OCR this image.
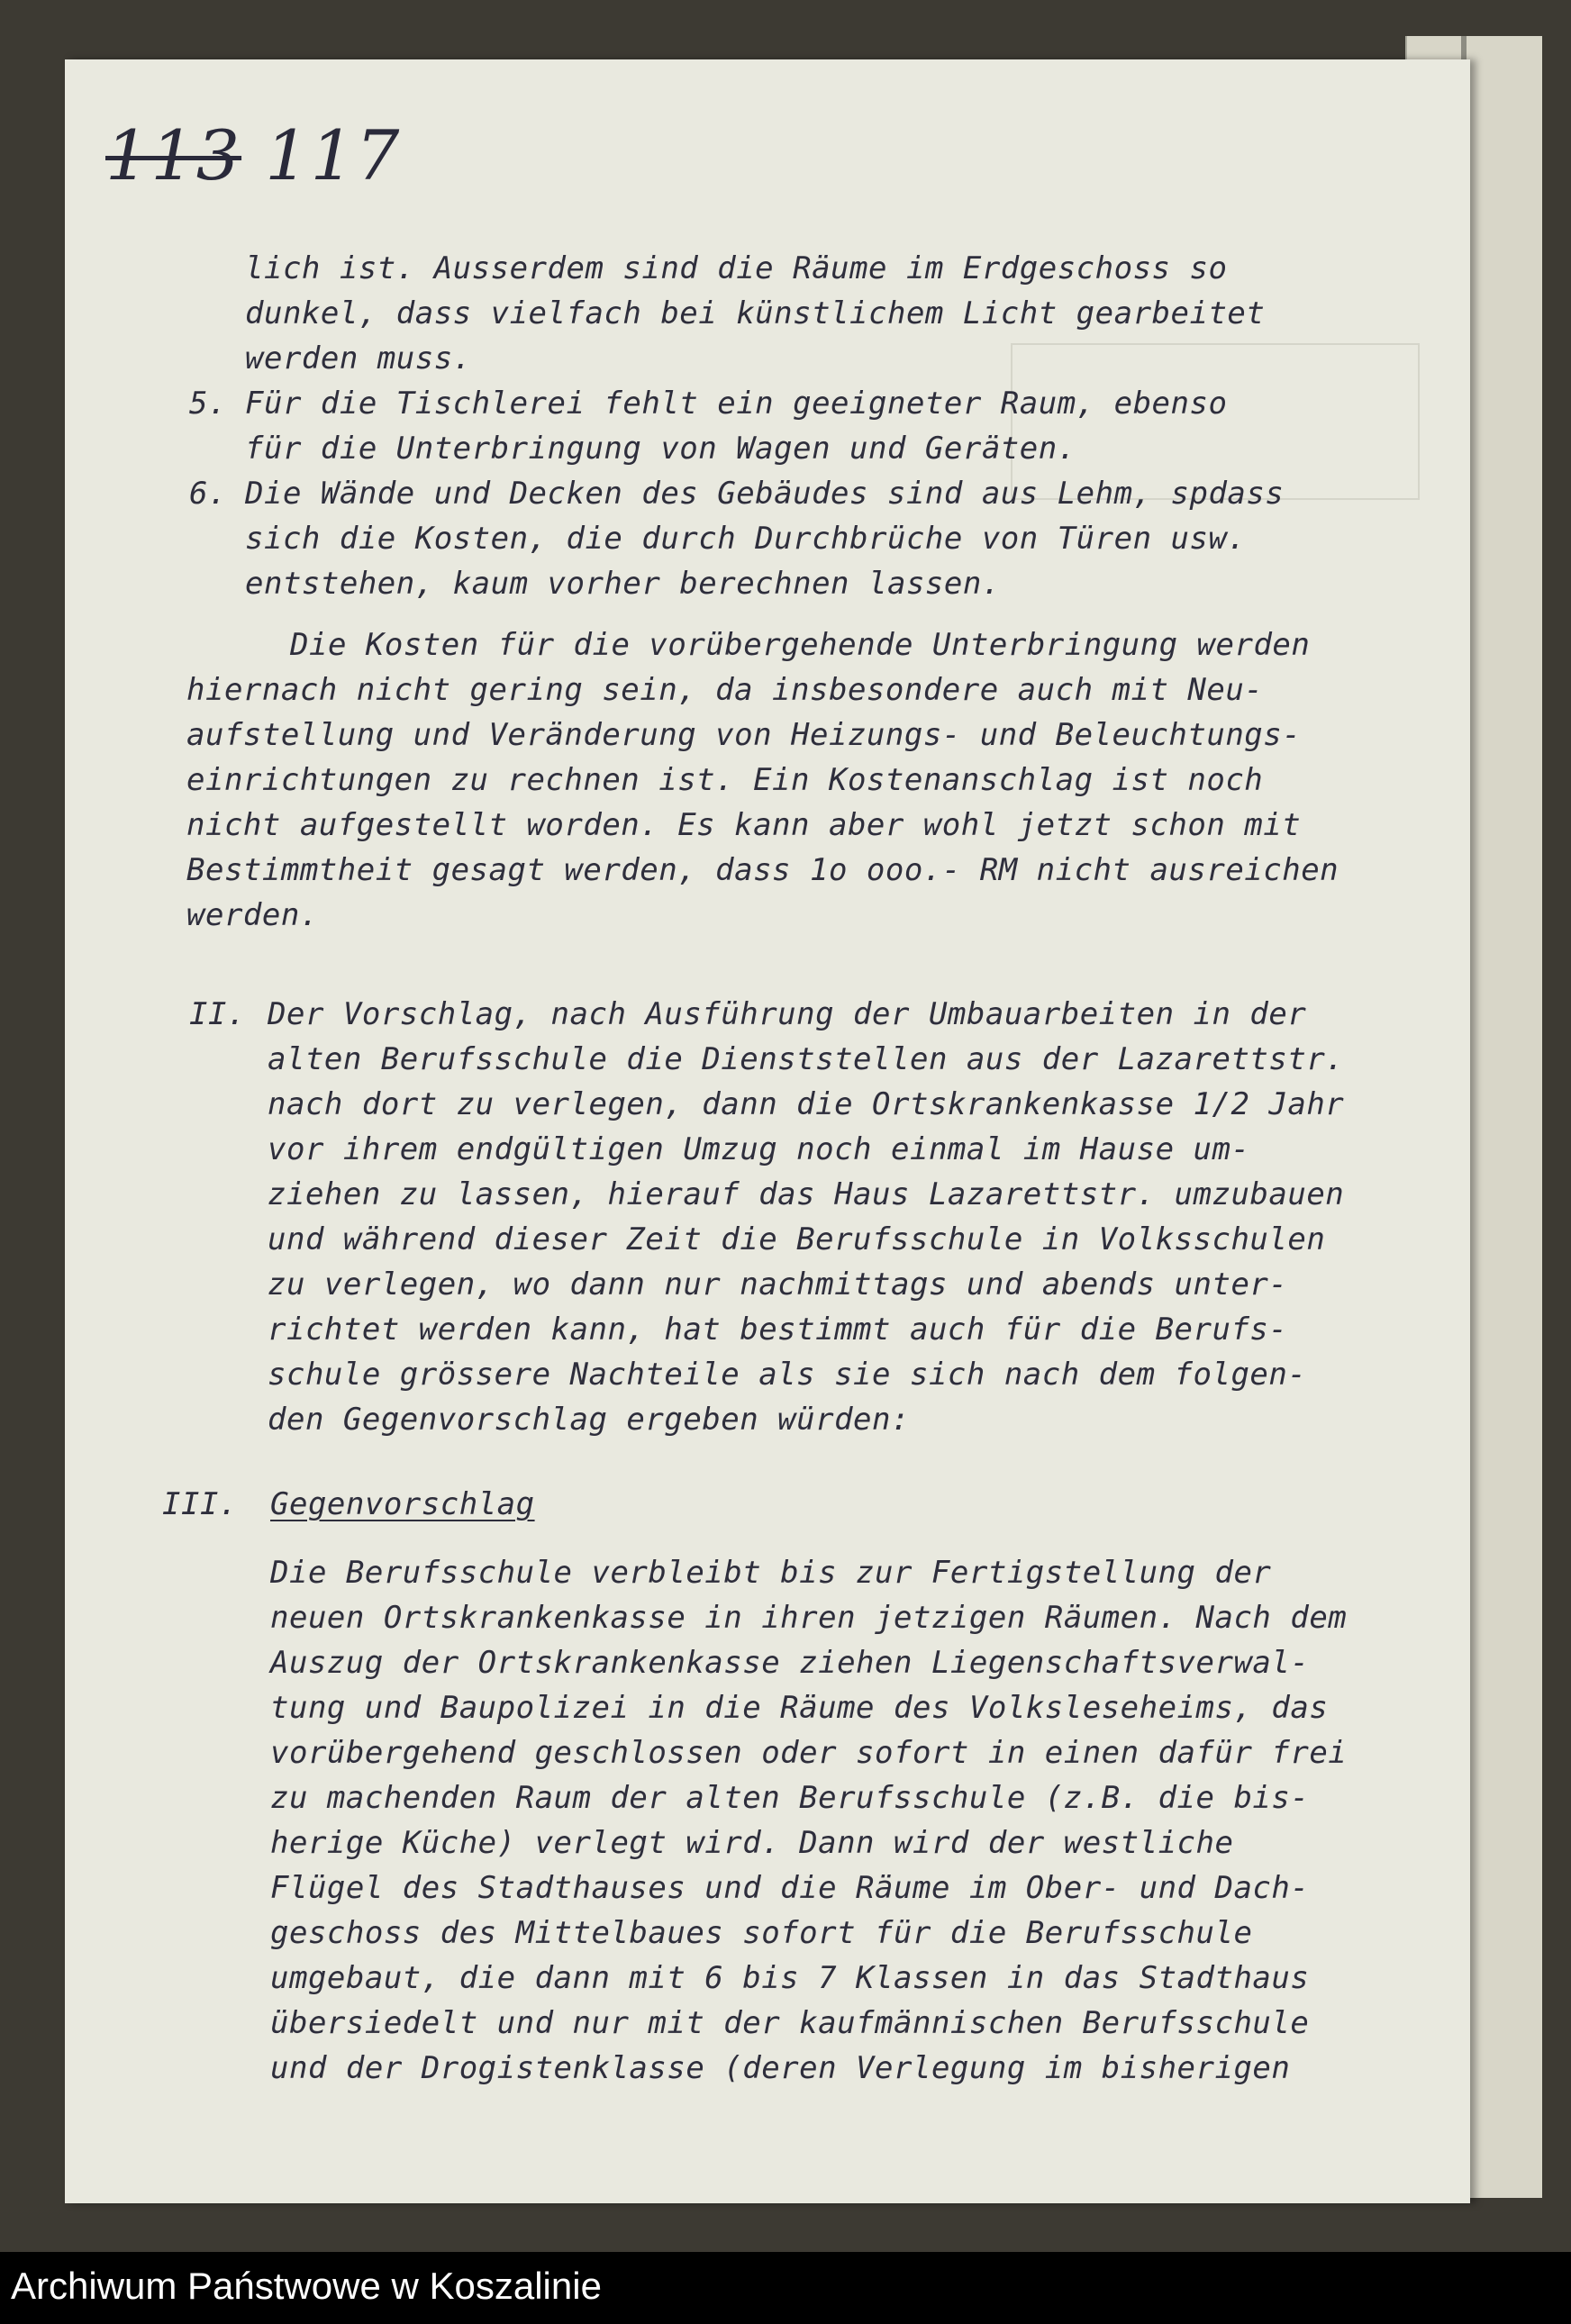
113 117
lich ist. Ausserdem sind die Räume im Erdgeschoss so
dunkel, dass vielfach bei künstlichem Licht gearbeitet
werden muss.
5. Für die Tischlerei fehlt ein geeigneter Raum, ebenso
für die Unterbringung von Wagen und Geräten.
6. Die Wände und Decken des Gebäudes sind aus Lehm, spdass
sich die Kosten, die durch Durchbrüche von Türen usw.
entstehen, kaum vorher berechnen lassen.
Die Kosten für die vorübergehende Unterbringung werden
hiernach nicht gering sein, da insbesondere auch mit Neu-
aufstellung und Veränderung von Heizungs- und Beleuchtungs-
einrichtungen zu rechnen ist. Ein Kostenanschlag ist noch
nicht aufgestellt worden. Es kann aber wohl jetzt schon mit
Bestimmtheit gesagt werden, dass 1o ooo.- RM nicht ausreichen
werden.
II. Der Vorschlag, nach Ausführung der Umbauarbeiten in der
alten Berufsschule die Dienststellen aus der Lazarettstr.
nach dort zu verlegen, dann die Ortskrankenkasse 1/2 Jahr
vor ihrem endgültigen Umzug noch einmal im Hause um-
ziehen zu lassen, hierauf das Haus Lazarettstr. umzubauen
und während dieser Zeit die Berufsschule in Volksschulen
zu verlegen, wo dann nur nachmittags und abends unter-
richtet werden kann, hat bestimmt auch für die Berufs-
schule grössere Nachteile als sie sich nach dem folgen-
den Gegenvorschlag ergeben würden:
III. Gegenvorschlag
Die Berufsschule verbleibt bis zur Fertigstellung der
neuen Ortskrankenkasse in ihren jetzigen Räumen. Nach dem
Auszug der Ortskrankenkasse ziehen Liegenschaftsverwal-
tung und Baupolizei in die Räume des Volksleseheims, das
vorübergehend geschlossen oder sofort in einen dafür frei
zu machenden Raum der alten Berufsschule (z.B. die bis-
herige Küche) verlegt wird. Dann wird der westliche
Flügel des Stadthauses und die Räume im Ober- und Dach-
geschoss des Mittelbaues sofort für die Berufsschule
umgebaut, die dann mit 6 bis 7 Klassen in das Stadthaus
übersiedelt und nur mit der kaufmännischen Berufsschule
und der Drogistenklasse (deren Verlegung im bisherigen
Archiwum Państwowe w Koszalinie
